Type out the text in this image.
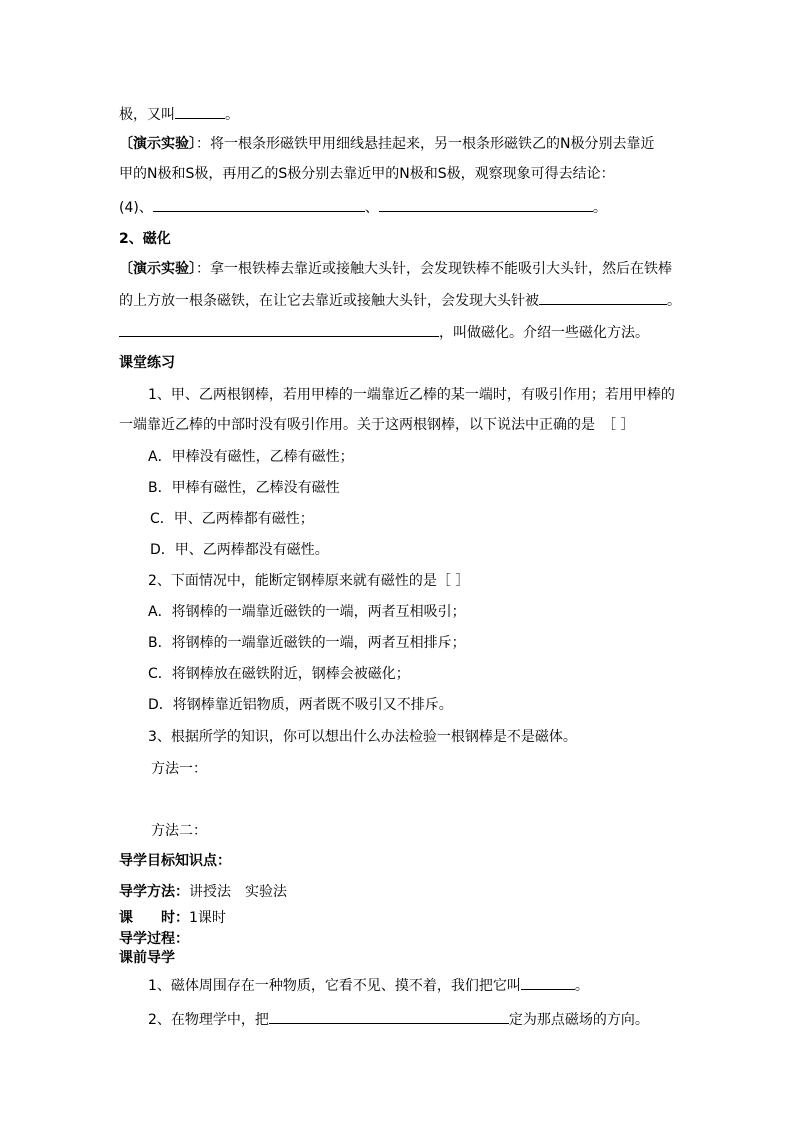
极，又叫	。
〔演示实验〕：将一根条形磁铁甲用细线悬挂起来，另一根条形磁铁乙的N极分别去靠近
甲的N极和S极，再用乙的S极分别去靠近甲的N极和S极，观察现象可得去结论：
(4)、	、	。
2、磁化
〔演示实验〕：拿一根铁棒去靠近或接触大头针，会发现铁棒不能吸引大头针，然后在铁棒
的上方放一根条磁铁，在让它去靠近或接触大头针，会发现大头针被	。
，叫做磁化。介绍一些磁化方法。
课堂练习
1、甲、乙两根钢棒，若用甲棒的一端靠近乙棒的某一端时，有吸引作用；若用甲棒的
一端靠近乙棒的中部时没有吸引作用。关于这两根钢棒，以下说法中正确的是　［ ］
A．甲棒没有磁性，乙棒有磁性；
B．甲棒有磁性，乙棒没有磁性
C．甲、乙两棒都有磁性；
D．甲、乙两棒都没有磁性。
2、下面情况中，能断定钢棒原来就有磁性的是［ ］
A．将钢棒的一端靠近磁铁的一端，两者互相吸引；
B．将钢棒的一端靠近磁铁的一端，两者互相排斥；
C．将钢棒放在磁铁附近，钢棒会被磁化；
D．将钢棒靠近铝物质，两者既不吸引又不排斥。
3、根据所学的知识，你可以想出什么办法检验一根钢棒是不是磁体。
方法一：
方法二：
导学目标知识点：
导学方法：讲授法　实验法
课　　时：1课时
导学过程：
课前导学
1、磁体周围存在一种物质，它看不见、摸不着，我们把它叫	。
2、在物理学中，把	定为那点磁场的方向。
